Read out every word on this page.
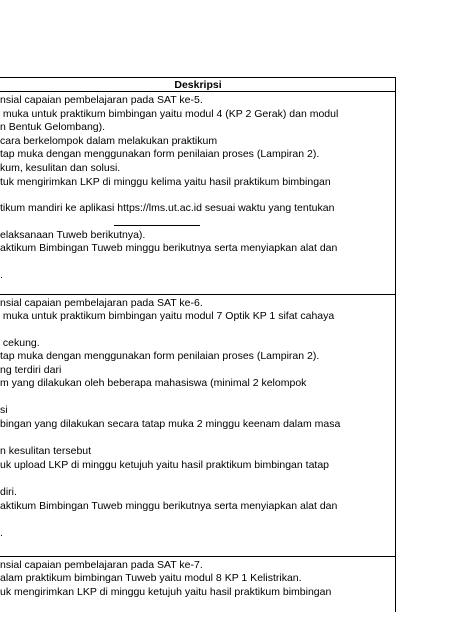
Deskripsi
nsial capaian pembelajaran pada SAT ke-5.
muka untuk praktikum bimbingan yaitu modul 4 (KP 2 Gerak) dan modul
n Bentuk Gelombang).
cara berkelompok dalam melakukan praktikum
tap muka dengan menggunakan form penilaian proses (Lampiran 2).
kum, kesulitan dan solusi.
tuk mengirimkan LKP di minggu kelima yaitu hasil praktikum bimbingan
tikum mandiri ke aplikasi https://lms.ut.ac.id sesuai waktu yang tentukan
elaksanaan Tuweb berikutnya).
aktikum Bimbingan Tuweb minggu berikutnya serta menyiapkan alat dan
.
nsial capaian pembelajaran pada SAT ke-6.
muka untuk praktikum bimbingan yaitu modul 7 Optik KP 1 sifat cahaya
cekung.
tap muka dengan menggunakan form penilaian proses (Lampiran 2).
ng terdiri dari
m yang dilakukan oleh beberapa mahasiswa (minimal 2 kelompok
si
bingan yang dilakukan secara tatap muka 2 minggu keenam dalam masa
n kesulitan tersebut
uk upload LKP di minggu ketujuh yaitu hasil praktikum bimbingan tatap
diri.
aktikum Bimbingan Tuweb minggu berikutnya serta menyiapkan alat dan
.
nsial capaian pembelajaran pada SAT ke-7.
alam praktikum bimbingan Tuweb yaitu modul 8 KP 1 Kelistrikan.
uk mengirimkan LKP di minggu ketujuh yaitu hasil praktikum bimbingan
